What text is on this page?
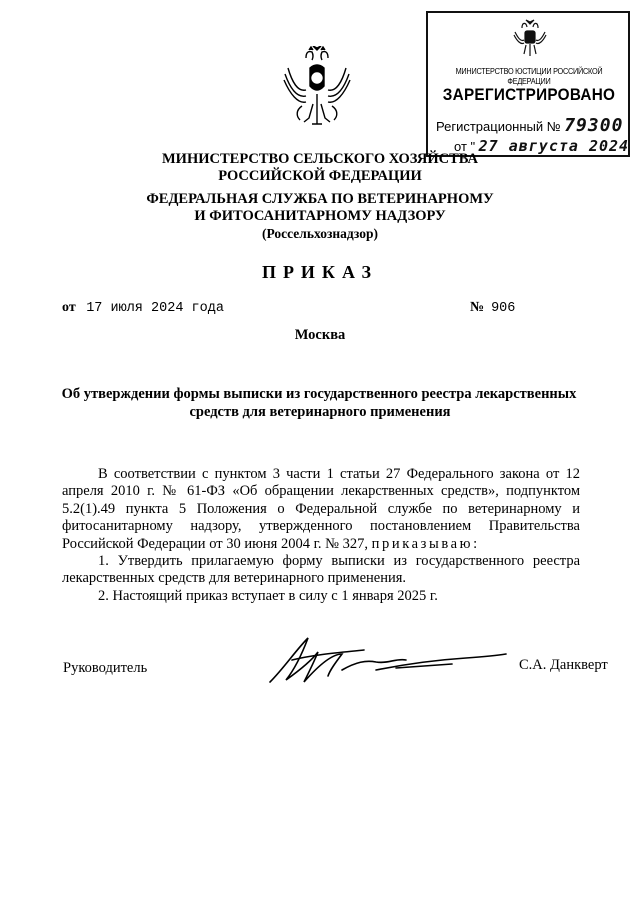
МИНИСТЕРСТВО ЮСТИЦИИ РОССИЙСКОЙ ФЕДЕРАЦИИ
ЗАРЕГИСТРИРОВАНО
Регистрационный № 79300
от " 27 августа 2024
МИНИСТЕРСТВО СЕЛЬСКОГО ХОЗЯЙСТВА
РОССИЙСКОЙ ФЕДЕРАЦИИ
ФЕДЕРАЛЬНАЯ СЛУЖБА ПО ВЕТЕРИНАРНОМУ
И ФИТОСАНИТАРНОМУ НАДЗОРУ
(Россельхознадзор)
ПРИКАЗ
от 17 июля 2024 года	№ 906
Москва
Об утверждении формы выписки из государственного реестра лекарственных
средств для ветеринарного применения

В соответствии с пунктом 3 части 1 статьи 27 Федерального закона от 12 апреля 2010 г. № 61-ФЗ «Об обращении лекарственных средств», подпунктом 5.2(1).49 пункта 5 Положения о Федеральной службе по ветеринарному и фитосанитарному надзору, утвержденного постановлением Правительства Российской Федерации от 30 июня 2004 г. № 327, приказываю:

1. Утвердить прилагаемую форму выписки из государственного реестра лекарственных средств для ветеринарного применения.

2. Настоящий приказ вступает в силу с 1 января 2025 г.

Руководитель	С.А. Данкверт
